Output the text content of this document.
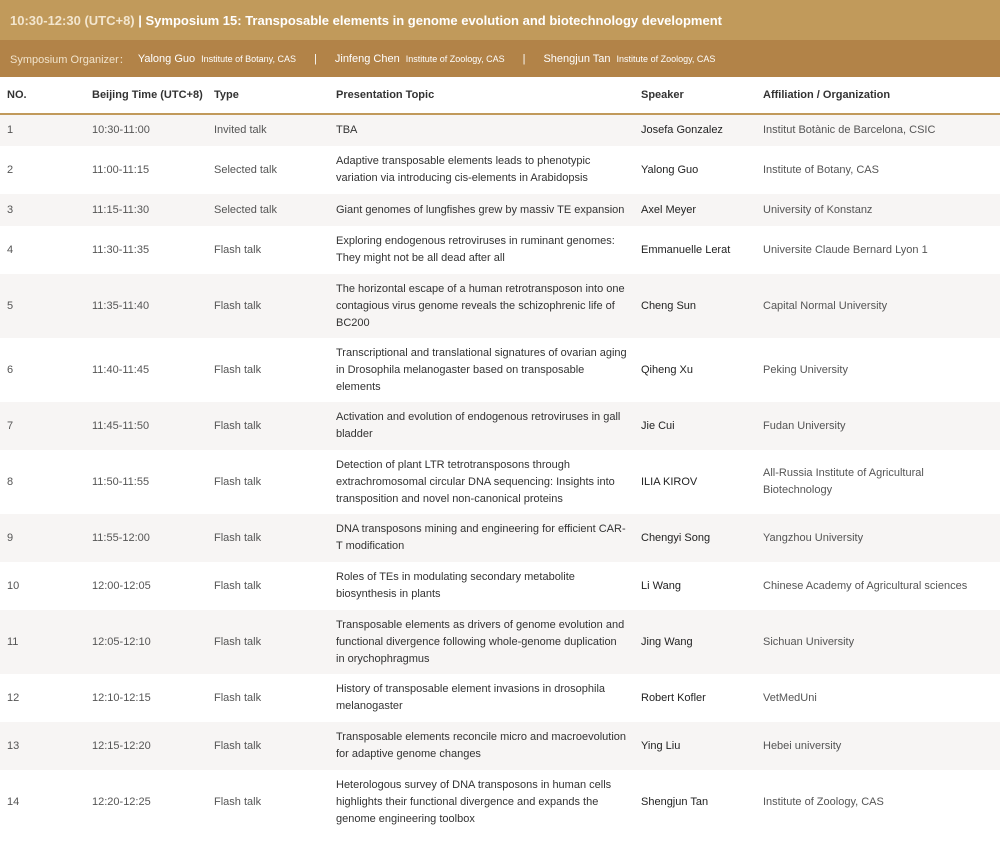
10:30-12:30 (UTC+8) | Symposium 15: Transposable elements in genome evolution and biotechnology development
Symposium Organizer： Yalong Guo Institute of Botany, CAS | Jinfeng Chen Institute of Zoology, CAS | Shengjun Tan Institute of Zoology, CAS
NO.	Beijing Time (UTC+8)	Type	Presentation Topic	Speaker	Affiliation / Organization
1	10:30-11:00	Invited talk	TBA	Josefa Gonzalez	Institut Botànic de Barcelona, CSIC
2	11:00-11:15	Selected talk	Adaptive transposable elements leads to phenotypic variation via introducing cis-elements in Arabidopsis	Yalong Guo	Institute of Botany, CAS
3	11:15-11:30	Selected talk	Giant genomes of lungfishes grew by massiv TE expansion	Axel Meyer	University of Konstanz
4	11:30-11:35	Flash talk	Exploring endogenous retroviruses in ruminant genomes: They might not be all dead after all	Emmanuelle Lerat	Universite Claude Bernard Lyon 1
5	11:35-11:40	Flash talk	The horizontal escape of a human retrotransposon into one contagious virus genome reveals the schizophrenic life of BC200	Cheng Sun	Capital Normal University
6	11:40-11:45	Flash talk	Transcriptional and translational signatures of ovarian aging in Drosophila melanogaster based on transposable elements	Qiheng Xu	Peking University
7	11:45-11:50	Flash talk	Activation and evolution of endogenous retroviruses in gall bladder	Jie Cui	Fudan University
8	11:50-11:55	Flash talk	Detection of plant LTR tetrotransposons through extrachromosomal circular DNA sequencing: Insights into transposition and novel non-canonical proteins	ILIA KIROV	All-Russia Institute of Agricultural Biotechnology
9	11:55-12:00	Flash talk	DNA transposons mining and engineering for efficient CAR-T modification	Chengyi Song	Yangzhou University
10	12:00-12:05	Flash talk	Roles of TEs in modulating secondary metabolite biosynthesis in plants	Li Wang	Chinese Academy of Agricultural sciences
11	12:05-12:10	Flash talk	Transposable elements as drivers of genome evolution and functional divergence following whole-genome duplication in orychophragmus	Jing Wang	Sichuan University
12	12:10-12:15	Flash talk	History of transposable element invasions in drosophila melanogaster	Robert Kofler	VetMedUni
13	12:15-12:20	Flash talk	Transposable elements reconcile micro and macroevolution for adaptive genome changes	Ying Liu	Hebei university
14	12:20-12:25	Flash talk	Heterologous survey of DNA transposons in human cells highlights their functional divergence and expands the genome engineering toolbox	Shengjun Tan	Institute of Zoology, CAS
